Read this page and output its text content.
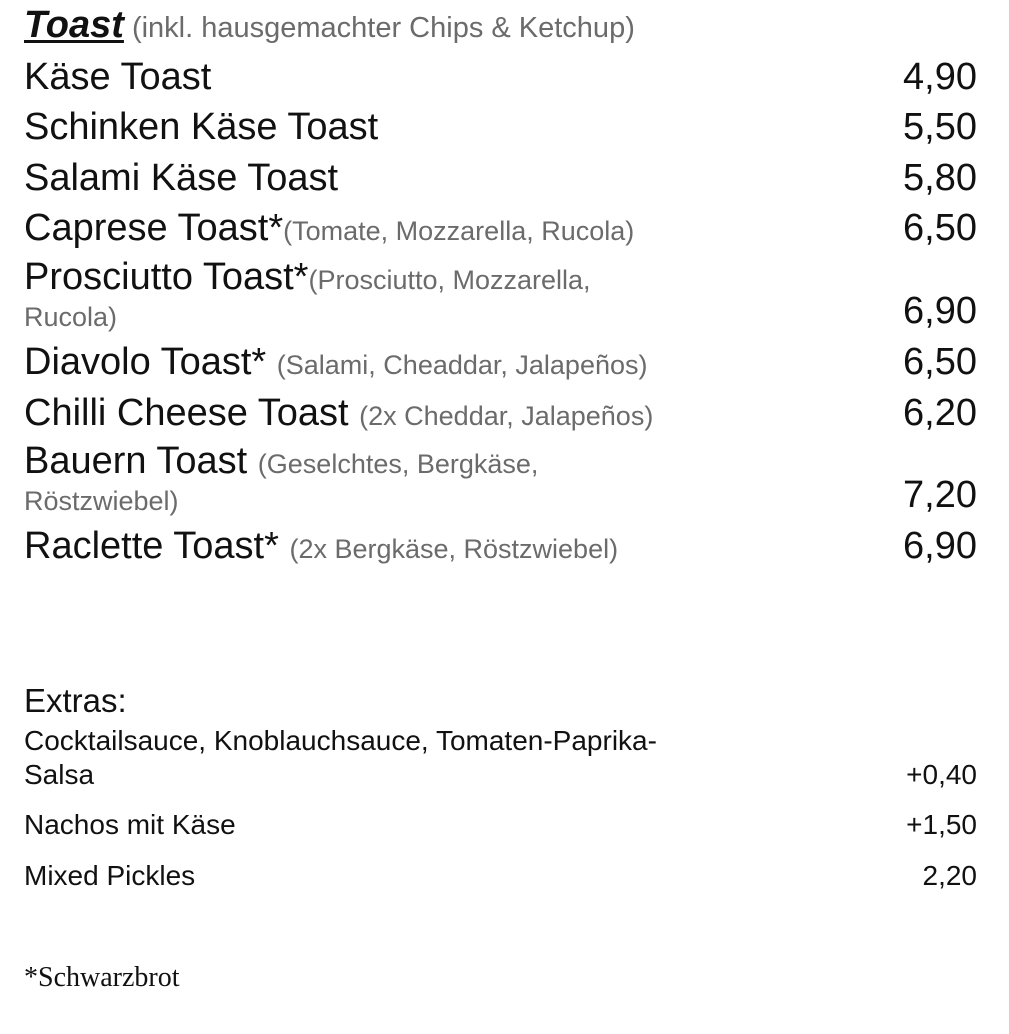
Toast (inkl. hausgemachter Chips & Ketchup)
Käse Toast	4,90
Schinken Käse Toast	5,50
Salami Käse Toast	5,80
Caprese Toast*(Tomate, Mozzarella, Rucola)	6,50
Prosciutto Toast*(Prosciutto, Mozzarella,
Rucola)	6,90
Diavolo Toast* (Salami, Cheaddar, Jalapeños)	6,50
Chilli Cheese Toast (2x Cheddar, Jalapeños)	6,20
Bauern Toast (Geselchtes, Bergkäse,
Röstzwiebel)	7,20
Raclette Toast* (2x Bergkäse, Röstzwiebel)	6,90
Extras:
Cocktailsauce, Knoblauchsauce, Tomaten-Paprika-
Salsa	+0,40
Nachos mit Käse	+1,50
Mixed Pickles	2,20
*Schwarzbrot
